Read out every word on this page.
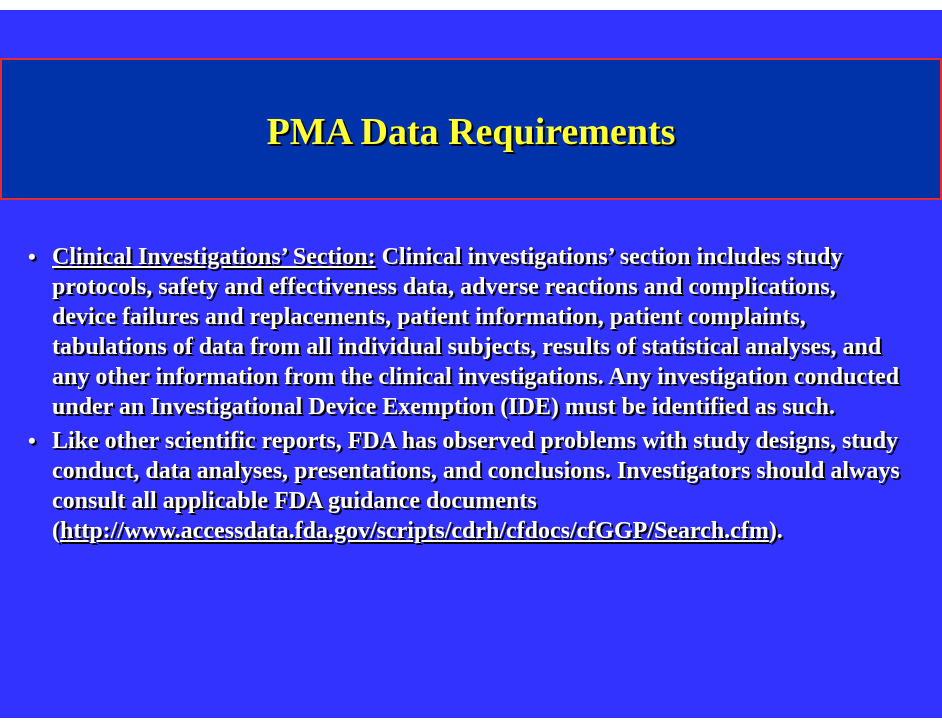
PMA Data Requirements
• Clinical Investigations’ Section: Clinical investigations’ section includes study protocols, safety and effectiveness data, adverse reactions and complications, device failures and replacements, patient information, patient complaints, tabulations of data from all individual subjects, results of statistical analyses, and any other information from the clinical investigations. Any investigation conducted under an Investigational Device Exemption (IDE) must be identified as such.
• Like other scientific reports, FDA has observed problems with study designs, study conduct, data analyses, presentations, and conclusions. Investigators should always consult all applicable FDA guidance documents (http://www.accessdata.fda.gov/scripts/cdrh/cfdocs/cfGGP/Search.cfm).
